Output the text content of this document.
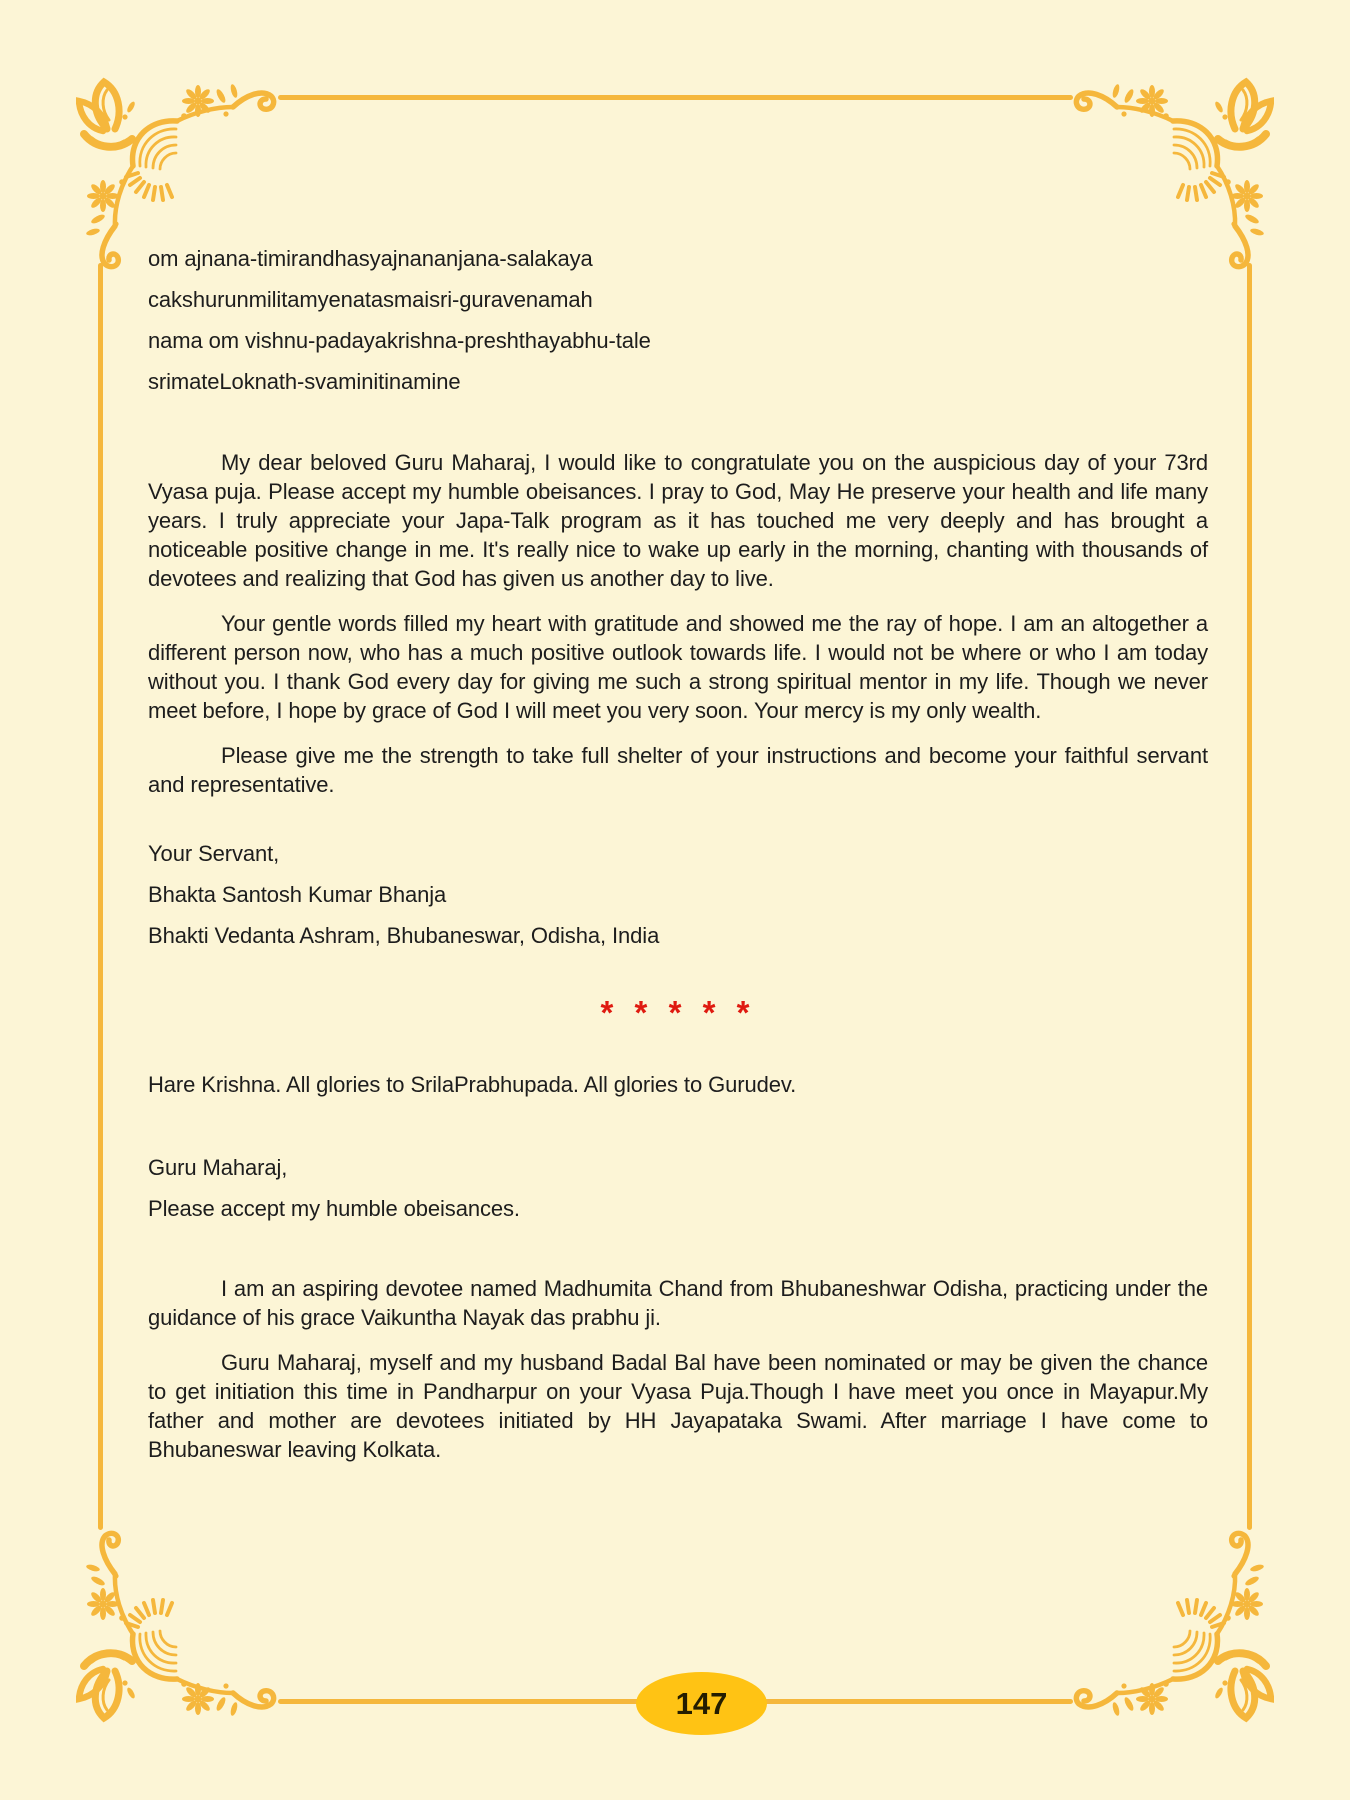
om ajnana-timirandhasyajnananjana-salakaya

cakshurunmilitamyenatasmaisri-guravenamah

nama om vishnu-padayakrishna-preshthayabhu-tale

srimateLoknath-svaminitinamine

My dear beloved Guru Maharaj, I would like to congratulate you on the auspicious day of your 73rd Vyasa puja. Please accept my humble obeisances. I pray to God, May He preserve your health and life many years. I truly appreciate your Japa-Talk program as it has touched me very deeply and has brought a noticeable positive change in me. It's really nice to wake up early in the morning, chanting with thousands of devotees and realizing that God has given us another day to live.

Your gentle words filled my heart with gratitude and showed me the ray of hope. I am an altogether a different person now, who has a much positive outlook towards life. I would not be where or who I am today without you. I thank God every day for giving me such a strong spiritual mentor in my life. Though we never meet before, I hope by grace of God I will meet you very soon. Your mercy is my only wealth.

Please give me the strength to take full shelter of your instructions and become your faithful servant and representative.

Your Servant,

Bhakta Santosh Kumar Bhanja

Bhakti Vedanta Ashram, Bhubaneswar, Odisha, India

* * * * *

Hare Krishna. All glories to SrilaPrabhupada. All glories to Gurudev.

Guru Maharaj,

Please accept my humble obeisances.

I am an aspiring devotee named Madhumita Chand from Bhubaneshwar Odisha, practicing under the guidance of his grace Vaikuntha Nayak das prabhu ji.

Guru Maharaj, myself and my husband Badal Bal have been nominated or may be given the chance to get initiation this time in Pandharpur on your Vyasa Puja.Though I have meet you once in Mayapur.My father and mother are devotees initiated by HH Jayapataka Swami. After marriage I have come to Bhubaneswar leaving Kolkata.

147
